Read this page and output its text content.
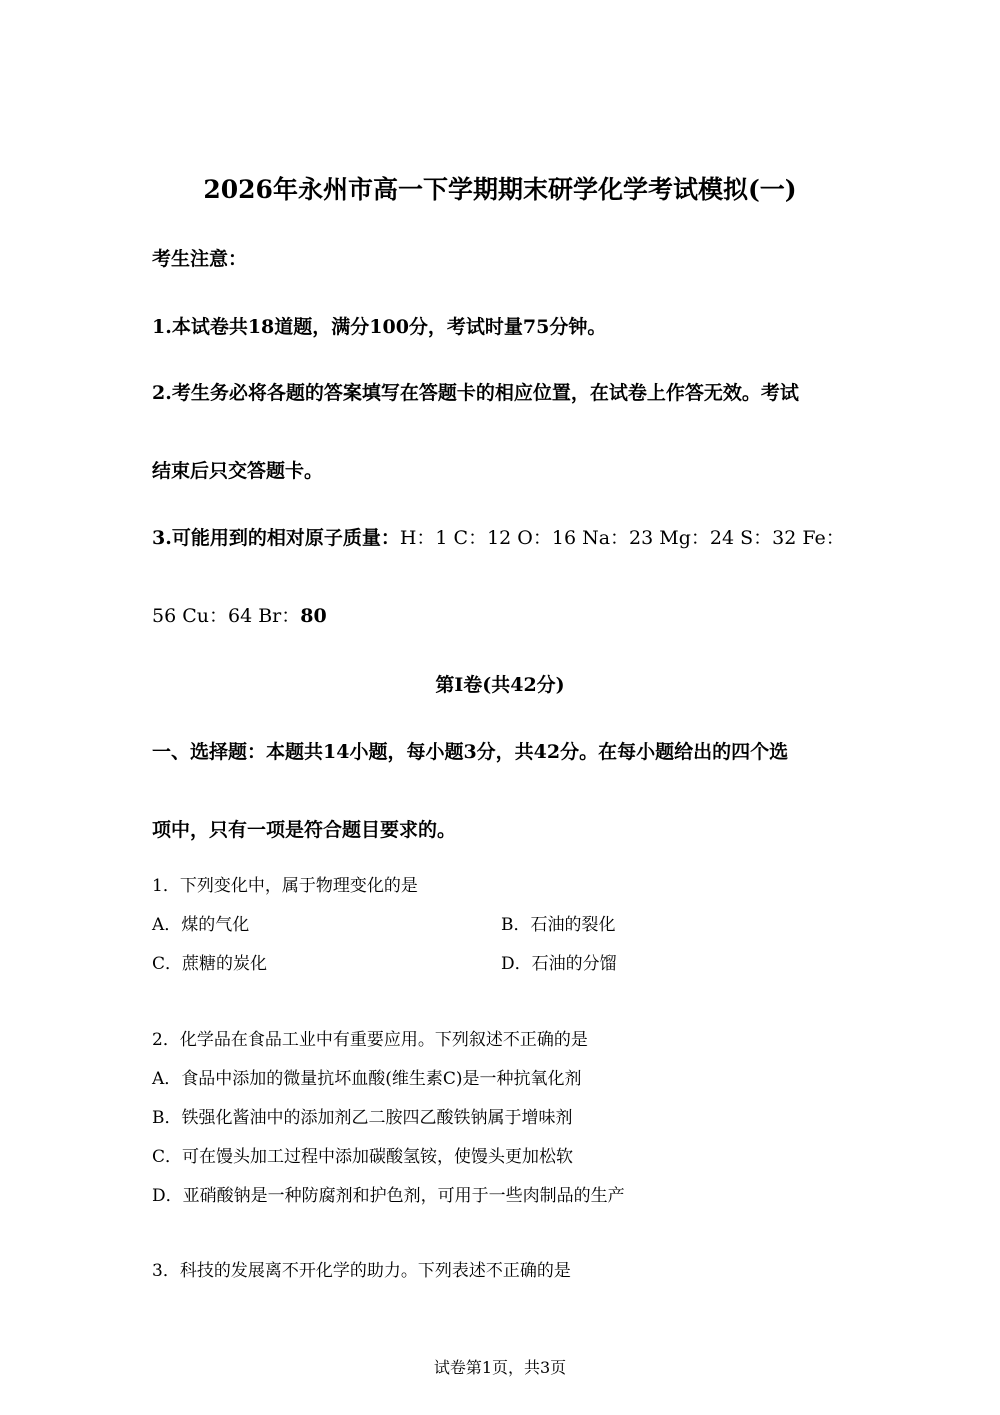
2026年永州市高一下学期期末研学化学考试模拟(一)
考生注意：
1.本试卷共18道题，满分100分，考试时量75分钟。
2.考生务必将各题的答案填写在答题卡的相应位置，在试卷上作答无效。考试
结束后只交答题卡。
3.可能用到的相对原子质量：H：1 C：12 O：16 Na：23 Mg：24 S：32 Fe：
56 Cu：64 Br：80
第Ⅰ卷(共42分)
一、选择题：本题共14小题，每小题3分，共42分。在每小题给出的四个选
项中，只有一项是符合题目要求的。
1．下列变化中，属于物理变化的是
A．煤的气化	B．石油的裂化
C．蔗糖的炭化	D．石油的分馏
2．化学品在食品工业中有重要应用。下列叙述不正确的是
A．食品中添加的微量抗坏血酸(维生素C)是一种抗氧化剂
B．铁强化酱油中的添加剂乙二胺四乙酸铁钠属于增味剂
C．可在馒头加工过程中添加碳酸氢铵，使馒头更加松软
D．亚硝酸钠是一种防腐剂和护色剂，可用于一些肉制品的生产
3．科技的发展离不开化学的助力。下列表述不正确的是
试卷第1页，共3页
